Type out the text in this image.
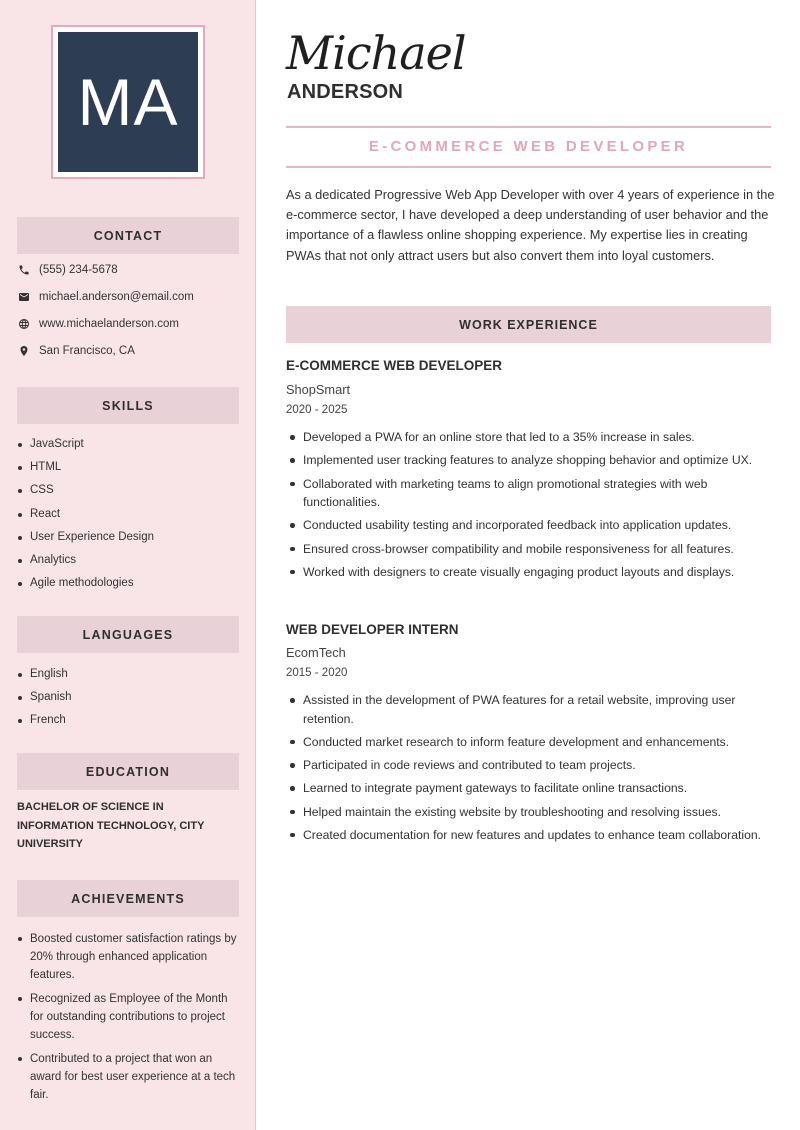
MA
CONTACT
(555) 234-5678
michael.anderson@email.com
www.michaelanderson.com
San Francisco, CA
SKILLS
JavaScript
HTML
CSS
React
User Experience Design
Analytics
Agile methodologies
LANGUAGES
English
Spanish
French
EDUCATION
BACHELOR OF SCIENCE IN INFORMATION TECHNOLOGY, CITY UNIVERSITY
ACHIEVEMENTS
Boosted customer satisfaction ratings by 20% through enhanced application features.
Recognized as Employee of the Month for outstanding contributions to project success.
Contributed to a project that won an award for best user experience at a tech fair.
Michael
ANDERSON
E-COMMERCE WEB DEVELOPER

As a dedicated Progressive Web App Developer with over 4 years of experience in the e-commerce sector, I have developed a deep understanding of user behavior and the importance of a flawless online shopping experience. My expertise lies in creating PWAs that not only attract users but also convert them into loyal customers.

WORK EXPERIENCE
E-COMMERCE WEB DEVELOPER
ShopSmart
2020 - 2025
Developed a PWA for an online store that led to a 35% increase in sales.
Implemented user tracking features to analyze shopping behavior and optimize UX.
Collaborated with marketing teams to align promotional strategies with web functionalities.
Conducted usability testing and incorporated feedback into application updates.
Ensured cross-browser compatibility and mobile responsiveness for all features.
Worked with designers to create visually engaging product layouts and displays.
WEB DEVELOPER INTERN
EcomTech
2015 - 2020
Assisted in the development of PWA features for a retail website, improving user retention.
Conducted market research to inform feature development and enhancements.
Participated in code reviews and contributed to team projects.
Learned to integrate payment gateways to facilitate online transactions.
Helped maintain the existing website by troubleshooting and resolving issues.
Created documentation for new features and updates to enhance team collaboration.
